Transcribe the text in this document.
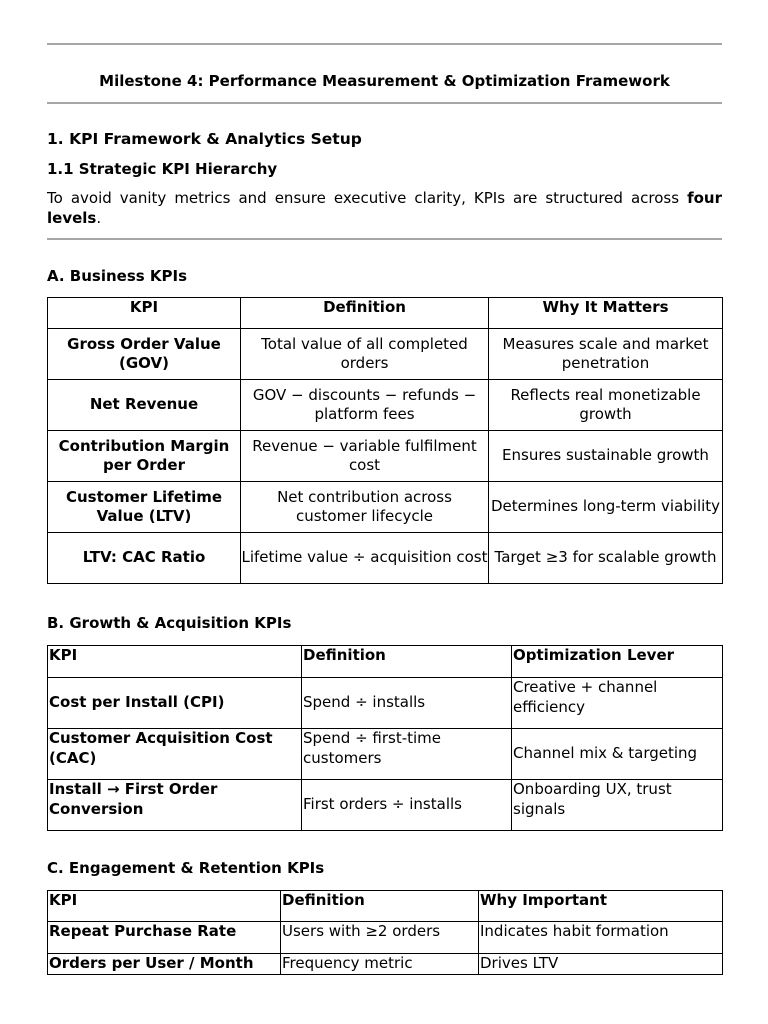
Milestone 4: Performance Measurement & Optimization Framework
1. KPI Framework & Analytics Setup
1.1 Strategic KPI Hierarchy
To avoid vanity metrics and ensure executive clarity, KPIs are structured across four levels.
A. Business KPIs
KPI	Definition	Why It Matters
Gross Order Value (GOV)	Total value of all completed orders	Measures scale and market penetration
Net Revenue	GOV − discounts − refunds − platform fees	Reflects real monetizable growth
Contribution Margin per Order	Revenue − variable fulfilment cost	Ensures sustainable growth
Customer Lifetime Value (LTV)	Net contribution across customer lifecycle	Determines long-term viability
LTV: CAC Ratio	Lifetime value ÷ acquisition cost	Target ≥3 for scalable growth
B. Growth & Acquisition KPIs
KPI	Definition	Optimization Lever
Cost per Install (CPI)	Spend ÷ installs	Creative + channel efficiency
Customer Acquisition Cost (CAC)	Spend ÷ first-time customers	Channel mix & targeting
Install → First Order Conversion	First orders ÷ installs	Onboarding UX, trust signals
C. Engagement & Retention KPIs
KPI	Definition	Why Important
Repeat Purchase Rate	Users with ≥2 orders	Indicates habit formation
Orders per User / Month	Frequency metric	Drives LTV
